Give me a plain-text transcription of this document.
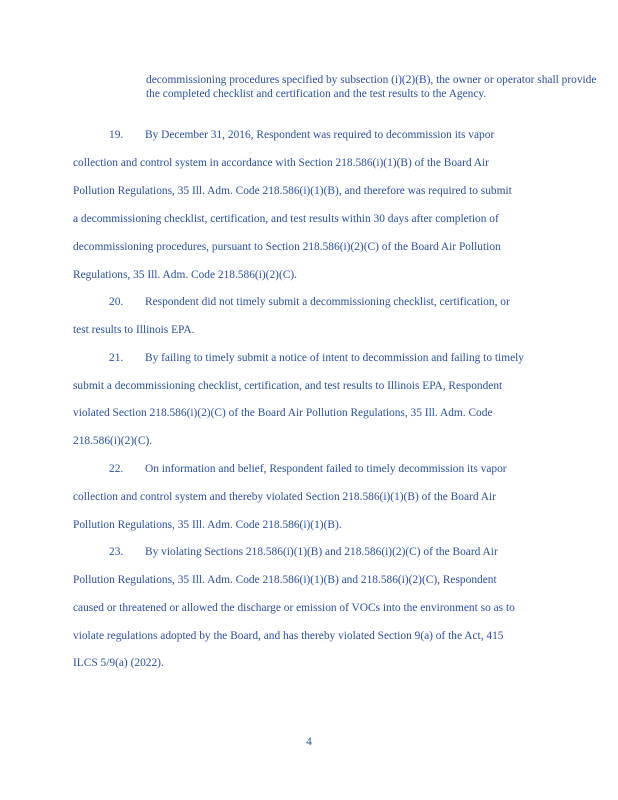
decommissioning procedures specified by subsection (i)(2)(B), the owner or operator shall provide the completed checklist and certification and the test results to the Agency.
19. By December 31, 2016, Respondent was required to decommission its vapor
collection and control system in accordance with Section 218.586(i)(1)(B) of the Board Air
Pollution Regulations, 35 Ill. Adm. Code 218.586(i)(1)(B), and therefore was required to submit
a decommissioning checklist, certification, and test results within 30 days after completion of
decommissioning procedures, pursuant to Section 218.586(i)(2)(C) of the Board Air Pollution
Regulations, 35 Ill. Adm. Code 218.586(i)(2)(C).
20. Respondent did not timely submit a decommissioning checklist, certification, or
test results to Illinois EPA.
21. By failing to timely submit a notice of intent to decommission and failing to timely
submit a decommissioning checklist, certification, and test results to Illinois EPA, Respondent
violated Section 218.586(i)(2)(C) of the Board Air Pollution Regulations, 35 Ill. Adm. Code
218.586(i)(2)(C).
22. On information and belief, Respondent failed to timely decommission its vapor
collection and control system and thereby violated Section 218.586(i)(1)(B) of the Board Air
Pollution Regulations, 35 Ill. Adm. Code 218.586(i)(1)(B).
23. By violating Sections 218.586(i)(1)(B) and 218.586(i)(2)(C) of the Board Air
Pollution Regulations, 35 Ill. Adm. Code 218.586(i)(1)(B) and 218.586(i)(2)(C), Respondent
caused or threatened or allowed the discharge or emission of VOCs into the environment so as to
violate regulations adopted by the Board, and has thereby violated Section 9(a) of the Act, 415
ILCS 5/9(a) (2022).
4
